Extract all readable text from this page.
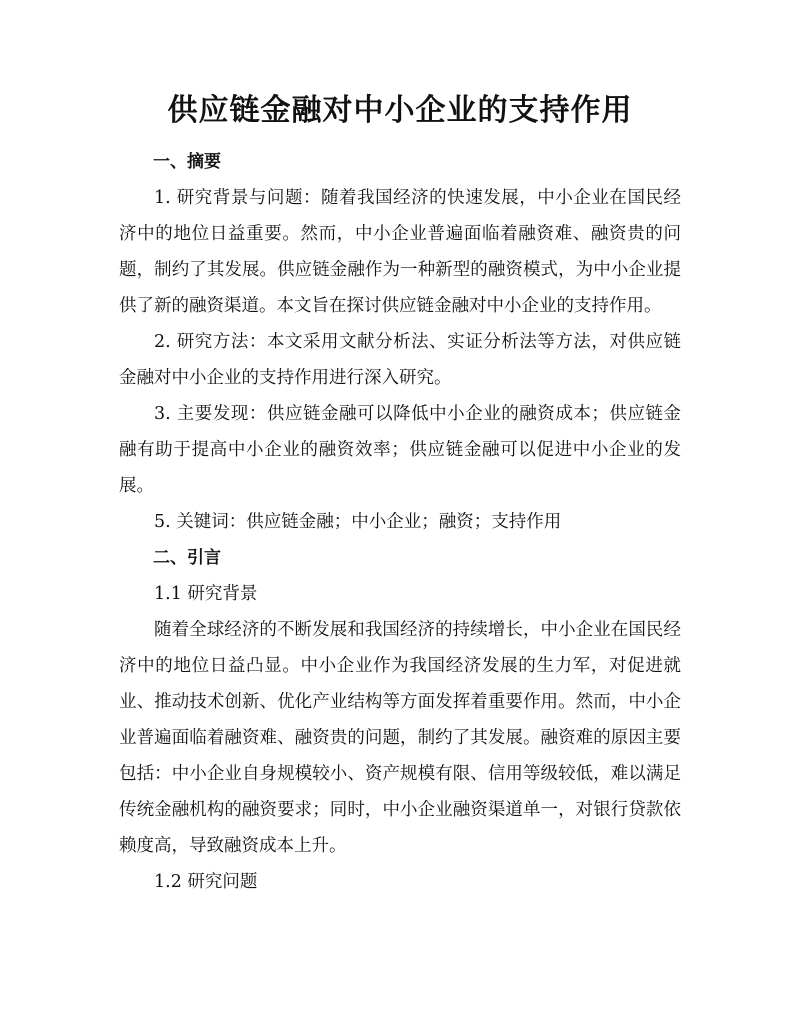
供应链金融对中小企业的支持作用
一、摘要
1. 研究背景与问题：随着我国经济的快速发展，中小企业在国民经济中的地位日益重要。然而，中小企业普遍面临着融资难、融资贵的问题，制约了其发展。供应链金融作为一种新型的融资模式，为中小企业提供了新的融资渠道。本文旨在探讨供应链金融对中小企业的支持作用。
2. 研究方法：本文采用文献分析法、实证分析法等方法，对供应链金融对中小企业的支持作用进行深入研究。
3. 主要发现：供应链金融可以降低中小企业的融资成本；供应链金融有助于提高中小企业的融资效率；供应链金融可以促进中小企业的发展。
5. 关键词：供应链金融；中小企业；融资；支持作用
二、引言
1.1 研究背景
随着全球经济的不断发展和我国经济的持续增长，中小企业在国民经济中的地位日益凸显。中小企业作为我国经济发展的生力军，对促进就业、推动技术创新、优化产业结构等方面发挥着重要作用。然而，中小企业普遍面临着融资难、融资贵的问题，制约了其发展。融资难的原因主要包括：中小企业自身规模较小、资产规模有限、信用等级较低，难以满足传统金融机构的融资要求；同时，中小企业融资渠道单一，对银行贷款依赖度高，导致融资成本上升。
1.2 研究问题
